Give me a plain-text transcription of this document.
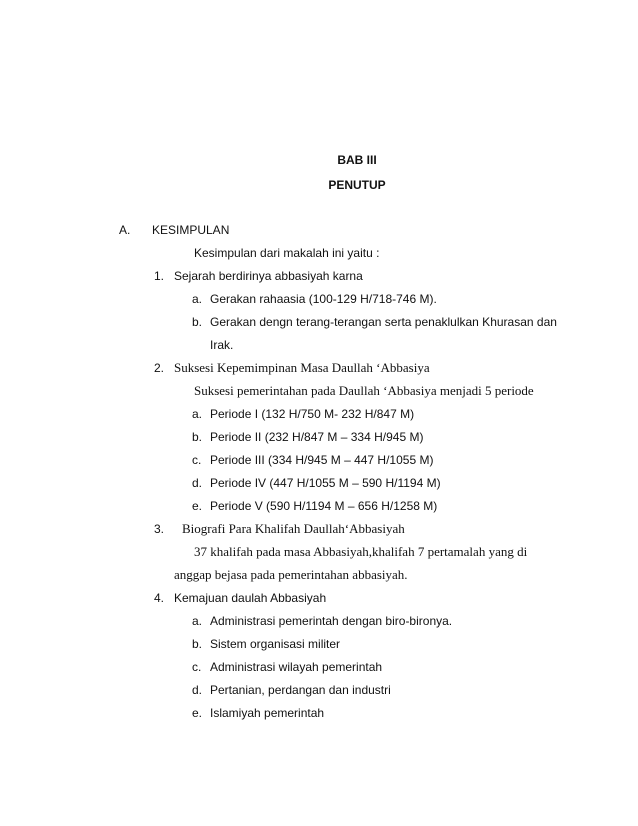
BAB III
PENUTUP
A. KESIMPULAN
Kesimpulan dari makalah ini yaitu :
1. Sejarah berdirinya abbasiyah karna
a. Gerakan rahaasia (100-129 H/718-746 M).
b. Gerakan dengn terang-terangan serta penaklulkan Khurasan dan
Irak.
2. Suksesi Kepemimpinan Masa Daullah ‘Abbasiya
Suksesi pemerintahan pada Daullah ‘Abbasiya menjadi 5 periode
a. Periode I (132 H/750 M- 232 H/847 M)
b. Periode II (232 H/847 M – 334 H/945 M)
c. Periode III (334 H/945 M – 447 H/1055 M)
d. Periode IV (447 H/1055 M – 590 H/1194 M)
e. Periode V (590 H/1194 M – 656 H/1258 M)
3. Biografi Para Khalifah Daullah‘Abbasiyah
37 khalifah pada masa Abbasiyah,khalifah 7 pertamalah yang di
anggap bejasa pada pemerintahan abbasiyah.
4. Kemajuan daulah Abbasiyah
a. Administrasi pemerintah dengan biro-bironya.
b. Sistem organisasi militer
c. Administrasi wilayah pemerintah
d. Pertanian, perdangan dan industri
e. Islamiyah pemerintah
